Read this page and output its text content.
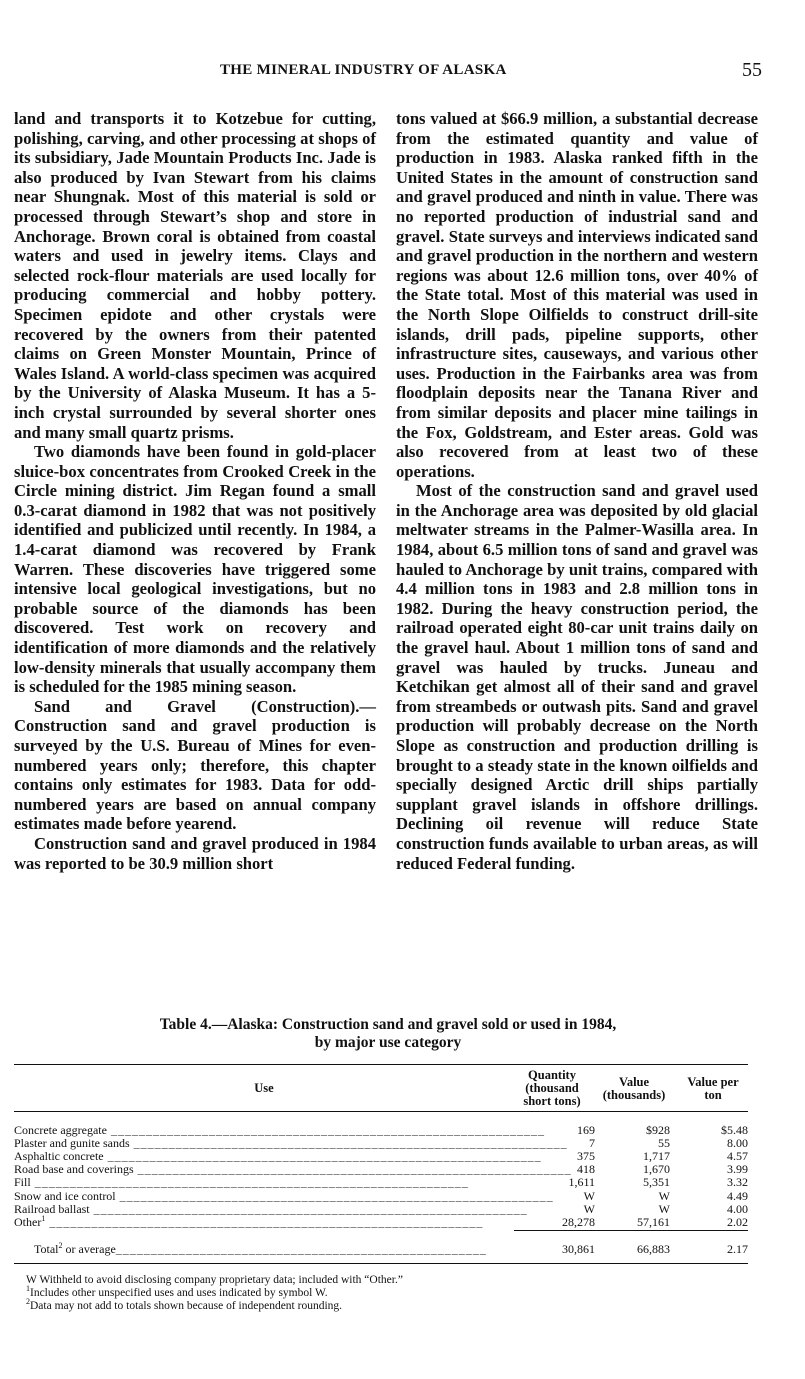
THE MINERAL INDUSTRY OF ALASKA	55

land and transports it to Kotzebue for cutting, polishing, carving, and other processing at shops of its subsidiary, Jade Mountain Products Inc. Jade is also produced by Ivan Stewart from his claims near Shungnak. Most of this material is sold or processed through Stewart’s shop and store in Anchorage. Brown coral is obtained from coastal waters and used in jewelry items. Clays and selected rock-flour materials are used locally for producing commercial and hobby pottery. Specimen epidote and other crystals were recovered by the owners from their patented claims on Green Monster Mountain, Prince of Wales Island. A world-class specimen was acquired by the University of Alaska Museum. It has a 5-inch crystal surrounded by several shorter ones and many small quartz prisms.

Two diamonds have been found in gold-placer sluice-box concentrates from Crooked Creek in the Circle mining district. Jim Regan found a small 0.3-carat diamond in 1982 that was not positively identified and publicized until recently. In 1984, a 1.4-carat diamond was recovered by Frank Warren. These discoveries have triggered some intensive local geological investigations, but no probable source of the diamonds has been discovered. Test work on recovery and identification of more diamonds and the relatively low-density minerals that usually accompany them is scheduled for the 1985 mining season.

Sand and Gravel (Construction).—Construction sand and gravel production is surveyed by the U.S. Bureau of Mines for even-numbered years only; therefore, this chapter contains only estimates for 1983. Data for odd-numbered years are based on annual company estimates made before yearend.

Construction sand and gravel produced in 1984 was reported to be 30.9 million short

tons valued at $66.9 million, a substantial decrease from the estimated quantity and value of production in 1983. Alaska ranked fifth in the United States in the amount of construction sand and gravel produced and ninth in value. There was no reported production of industrial sand and gravel. State surveys and interviews indicated sand and gravel production in the northern and western regions was about 12.6 million tons, over 40% of the State total. Most of this material was used in the North Slope Oilfields to construct drill-site islands, drill pads, pipeline supports, other infrastructure sites, causeways, and various other uses. Production in the Fairbanks area was from floodplain deposits near the Tanana River and from similar deposits and placer mine tailings in the Fox, Goldstream, and Ester areas. Gold was also recovered from at least two of these operations.

Most of the construction sand and gravel used in the Anchorage area was deposited by old glacial meltwater streams in the Palmer-Wasilla area. In 1984, about 6.5 million tons of sand and gravel was hauled to Anchorage by unit trains, compared with 4.4 million tons in 1983 and 2.8 million tons in 1982. During the heavy construction period, the railroad operated eight 80-car unit trains daily on the gravel haul. About 1 million tons of sand and gravel was hauled by trucks. Juneau and Ketchikan get almost all of their sand and gravel from streambeds or outwash pits. Sand and gravel production will probably decrease on the North Slope as construction and production drilling is brought to a steady state in the known oilfields and specially designed Arctic drill ships partially supplant gravel islands in offshore drillings. Declining oil revenue will reduce State construction funds available to urban areas, as will reduced Federal funding.

Table 4.—Alaska: Construction sand and gravel sold or used in 1984,
by major use category
Use
Quantity (thousand short tons)
Value (thousands)
Value per ton
Concrete aggregate ______________________________________________________________	169	$928	$5.48
Plaster and gunite sands ______________________________________________________________	7	55	8.00
Asphaltic concrete ______________________________________________________________	375	1,717	4.57
Road base and coverings ______________________________________________________________ 418	1,670	3.99
Fill ______________________________________________________________	1,611	5,351	3.32
Snow and ice control ______________________________________________________________	W	W	4.49
Railroad ballast ______________________________________________________________	W	W	4.00
Other$^1$ ______________________________________________________________	28,278	57,161	2.02
Total$^2$ or average_____________________________________________________	30,861	66,883	2.17
W Withheld to avoid disclosing company proprietary data; included with “Other.”
$^1$Includes other unspecified uses and uses indicated by symbol W.
$^2$Data may not add to totals shown because of independent rounding.
